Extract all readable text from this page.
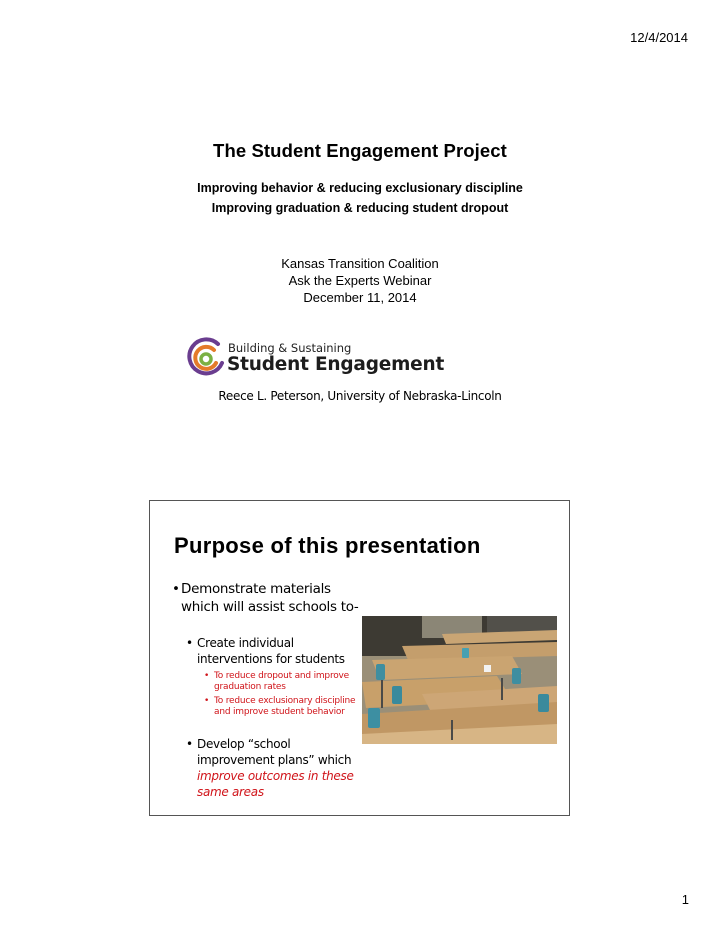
12/4/2014
The Student Engagement Project
Improving behavior & reducing exclusionary discipline
Improving graduation & reducing student dropout
Kansas Transition Coalition
Ask the Experts Webinar
December 11, 2014
Building & Sustaining
Student Engagement
Reece L. Peterson, University of Nebraska-Lincoln
Purpose of this presentation
• Demonstrate materials which will assist schools to-
• Create individual interventions for students
• To reduce dropout and improve graduation rates
• To reduce exclusionary discipline and improve student behavior
• Develop “school improvement plans” which improve outcomes in these same areas
1
